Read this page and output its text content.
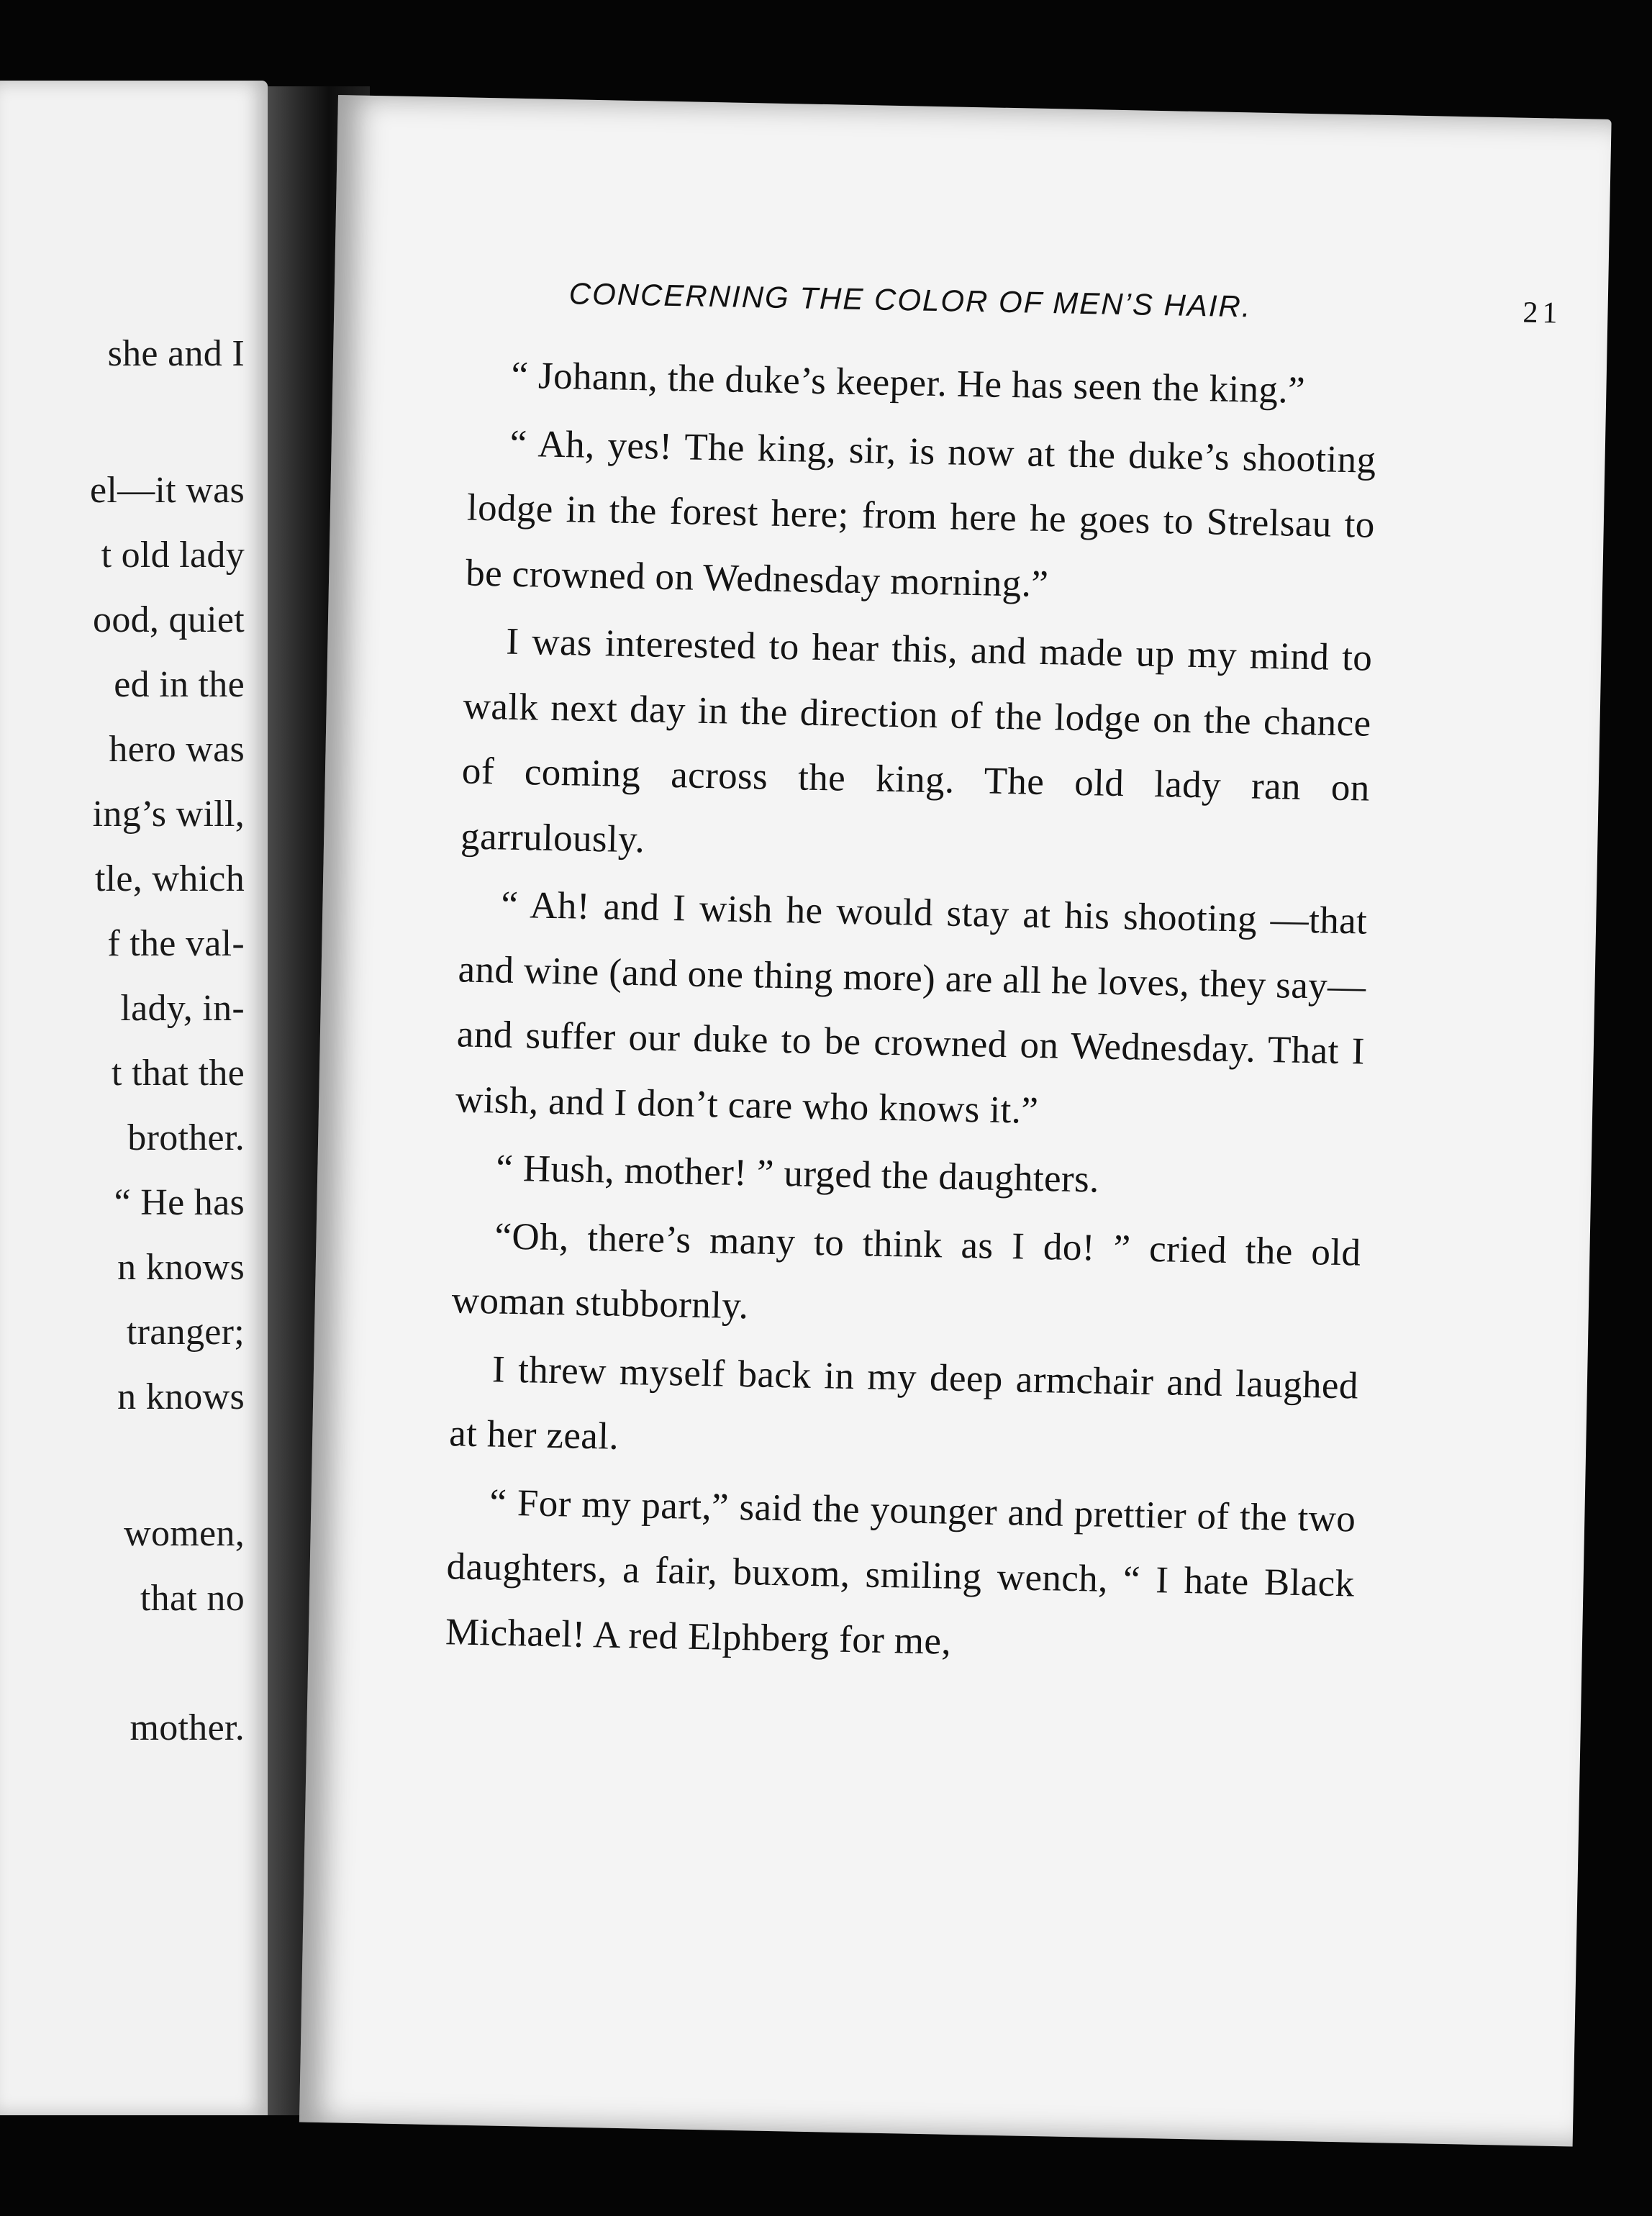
she and I
el—it was
t old lady
ood, quiet
ed in the
hero was
ing’s will,
tle, which
f the val-
lady, in-
t that the
brother.
“ He has
n knows
tranger;
n knows
women,
that no
mother.
CONCERNING THE COLOR OF MEN’S HAIR.	21

“ Johann, the duke’s keeper. He has seen the king.”

“ Ah, yes! The king, sir, is now at the duke’s shooting lodge in the forest here; from here he goes to Strelsau to be crowned on Wednesday morning.”

I was interested to hear this, and made up my mind to walk next day in the direction of the lodge on the chance of coming across the king. The old lady ran on garrulously.

“ Ah! and I wish he would stay at his shooting —that and wine (and one thing more) are all he loves, they say—and suffer our duke to be crowned on Wednesday. That I wish, and I don’t care who knows it.”

“ Hush, mother! ” urged the daughters.

“Oh, there’s many to think as I do! ” cried the old woman stubbornly.

I threw myself back in my deep armchair and laughed at her zeal.

“ For my part,” said the younger and prettier of the two daughters, a fair, buxom, smiling wench, “ I hate Black Michael! A red Elphberg for me,
